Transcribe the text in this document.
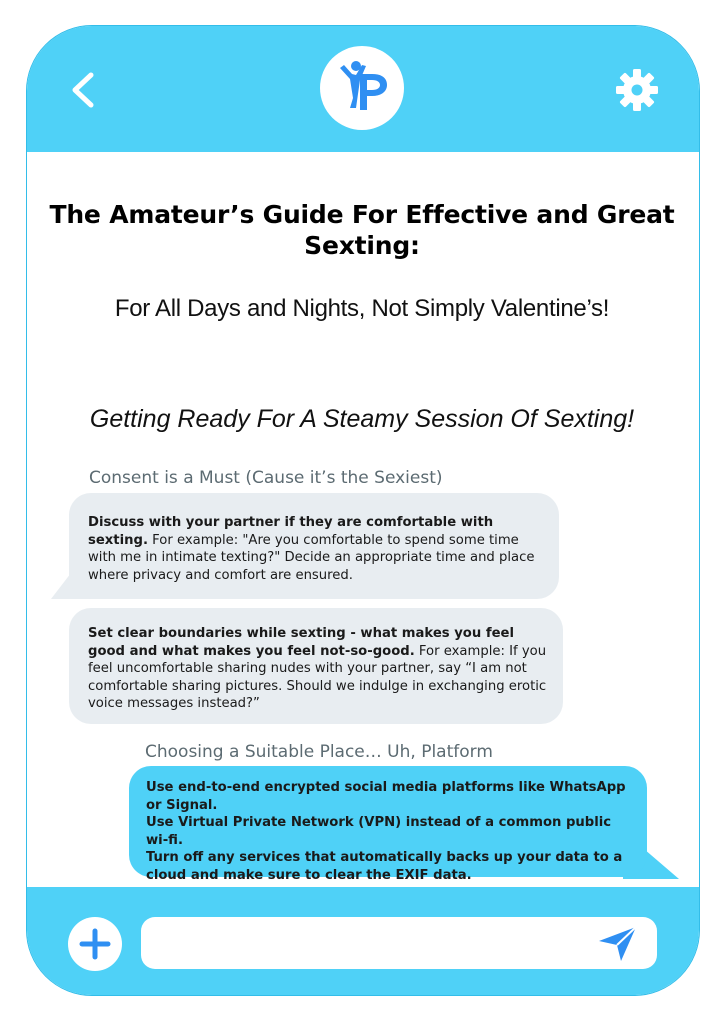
The Amateur’s Guide For Effective and Great Sexting:

For All Days and Nights, Not Simply Valentine’s!

Getting Ready For A Steamy Session Of Sexting!

Consent is a Must (Cause it’s the Sexiest)

Discuss with your partner if they are comfortable with sexting. For example: "Are you comfortable to spend some time with me in intimate texting?" Decide an appropriate time and place where privacy and comfort are ensured.
Set clear boundaries while sexting - what makes you feel good and what makes you feel not-so-good. For example: If you feel uncomfortable sharing nudes with your partner, say “I am not comfortable sharing pictures. Should we indulge in exchanging erotic voice messages instead?”

Choosing a Suitable Place… Uh, Platform

Use end-to-end encrypted social media platforms like WhatsApp or Signal.
Use Virtual Private Network (VPN) instead of a common public wi-fi.
Turn off any services that automatically backs up your data to a cloud and make sure to clear the EXIF data.
